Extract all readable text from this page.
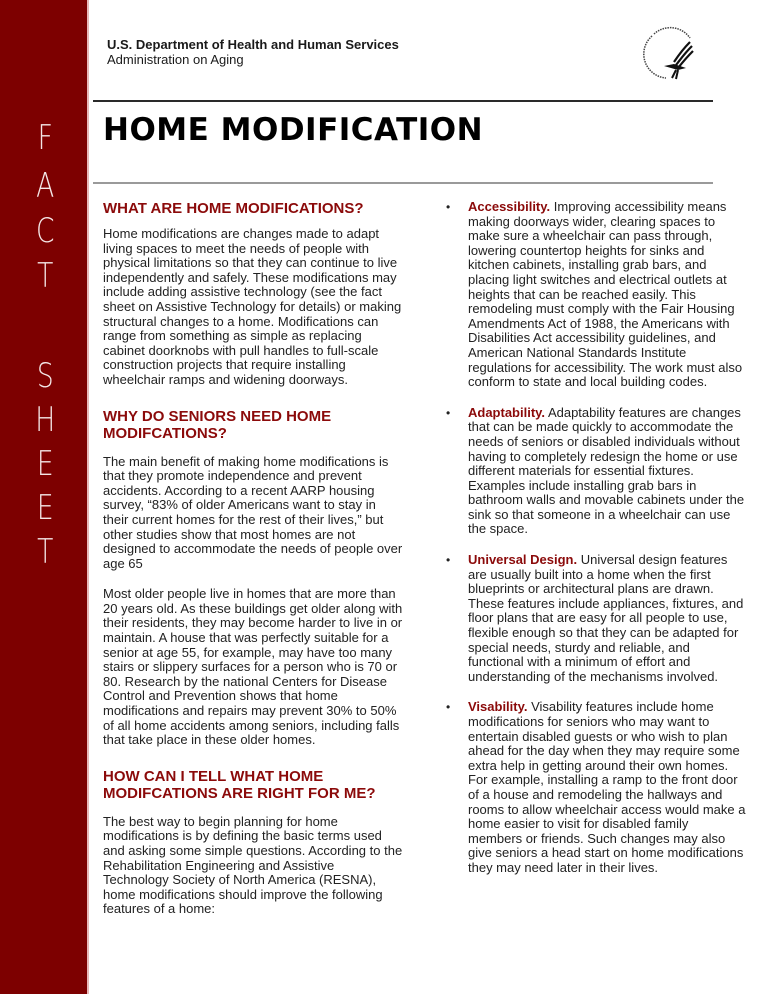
F
A
C
T
S
H
E
E
T
U.S. Department of Health and Human Services
Administration on Aging
HOME MODIFICATION
WHAT ARE HOME MODIFICATIONS?

Home modifications are changes made to adapt living spaces to meet the needs of people with physical limitations so that they can continue to live independently and safely. These modifications may include adding assistive technology (see the fact sheet on Assistive Technology for details) or making structural changes to a home. Modifications can range from something as simple as replacing cabinet doorknobs with pull handles to full-scale construction projects that require installing wheelchair ramps and widening doorways.

WHY DO SENIORS NEED HOME MODIFCATIONS?

The main benefit of making home modifications is that they promote independence and prevent accidents. According to a recent AARP housing survey, “83% of older Americans want to stay in their current homes for the rest of their lives,” but other studies show that most homes are not designed to accommodate the needs of people over age 65

Most older people live in homes that are more than 20 years old. As these buildings get older along with their residents, they may become harder to live in or maintain. A house that was perfectly suitable for a senior at age 55, for example, may have too many stairs or slippery surfaces for a person who is 70 or 80. Research by the national Centers for Disease Control and Prevention shows that home modifications and repairs may prevent 30% to 50% of all home accidents among seniors, including falls that take place in these older homes.

HOW CAN I TELL WHAT HOME MODIFCATIONS ARE RIGHT FOR ME?

The best way to begin planning for home modifications is by defining the basic terms used and asking some simple questions. According to the Rehabilitation Engineering and Assistive Technology Society of North America (RESNA), home modifications should improve the following features of a home:

• Accessibility. Improving accessibility means making doorways wider, clearing spaces to make sure a wheelchair can pass through, lowering countertop heights for sinks and kitchen cabinets, installing grab bars, and placing light switches and electrical outlets at heights that can be reached easily. This remodeling must comply with the Fair Housing Amendments Act of 1988, the Americans with Disabilities Act accessibility guidelines, and American National Standards Institute regulations for accessibility. The work must also conform to state and local building codes.
• Adaptability. Adaptability features are changes that can be made quickly to accommodate the needs of seniors or disabled individuals without having to completely redesign the home or use different materials for essential fixtures. Examples include installing grab bars in bathroom walls and movable cabinets under the sink so that someone in a wheelchair can use the space.
• Universal Design. Universal design features are usually built into a home when the first blueprints or architectural plans are drawn. These features include appliances, fixtures, and floor plans that are easy for all people to use, flexible enough so that they can be adapted for special needs, sturdy and reliable, and functional with a minimum of effort and understanding of the mechanisms involved.
• Visability. Visability features include home modifications for seniors who may want to entertain disabled guests or who wish to plan ahead for the day when they may require some extra help in getting around their own homes. For example, installing a ramp to the front door of a house and remodeling the hallways and rooms to allow wheelchair access would make a home easier to visit for disabled family members or friends. Such changes may also give seniors a head start on home modifications they may need later in their lives.
